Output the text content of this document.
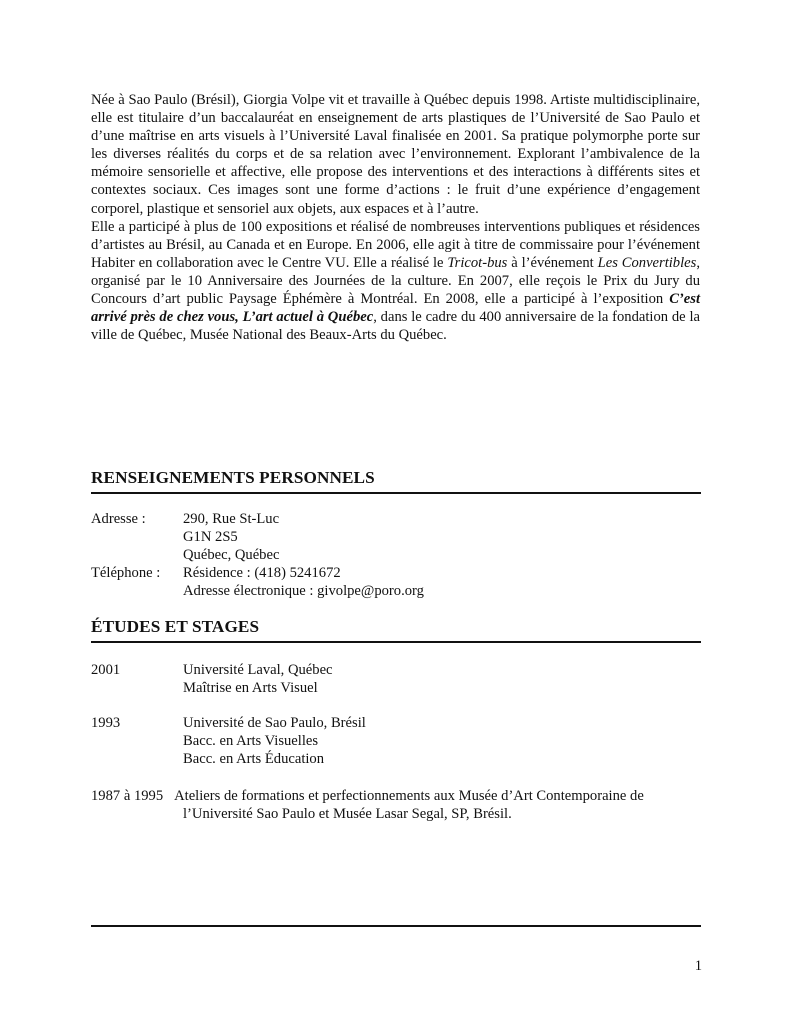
Née à Sao Paulo (Brésil), Giorgia Volpe vit et travaille à Québec depuis 1998. Artiste multidisciplinaire, elle est titulaire d’un baccalauréat en enseignement de arts plastiques de l’Université de Sao Paulo et d’une maîtrise en arts visuels à l’Université Laval finalisée en 2001. Sa pratique polymorphe porte sur les diverses réalités du corps et de sa relation avec l’environnement. Explorant l’ambivalence de la mémoire sensorielle et affective, elle propose des interventions et des interactions à différents sites et contextes sociaux. Ces images sont une forme d’actions : le fruit d’une expérience d’engagement corporel, plastique et sensoriel aux objets, aux espaces et à l’autre.

Elle a participé à plus de 100 expositions et réalisé de nombreuses interventions publiques et résidences d’artistes au Brésil, au Canada et en Europe. En 2006, elle agit à titre de commissaire pour l’événement Habiter en collaboration avec le Centre VU. Elle a réalisé le Tricot-bus à l’événement Les Convertibles, organisé par le 10 Anniversaire des Journées de la culture. En 2007, elle reçois le Prix du Jury du Concours d’art public Paysage Éphémère à Montréal. En 2008, elle a participé à l’exposition C’est arrivé près de chez vous, L’art actuel à Québec, dans le cadre du 400 anniversaire de la fondation de la ville de Québec, Musée National des Beaux-Arts du Québec.

RENSEIGNEMENTS PERSONNELS
Adresse :	290, Rue St-Luc
G1N 2S5
Québec, Québec
Téléphone :	Résidence : (418) 5241672
Adresse électronique : givolpe@poro.org
ÉTUDES ET STAGES
2001	Université Laval, Québec
Maîtrise en Arts Visuel
1993	Université de Sao Paulo, Brésil
Bacc. en Arts Visuelles
Bacc. en Arts Éducation
1987 à 1995 Ateliers de formations et perfectionnements aux Musée d’Art Contemporaine de
l’Université Sao Paulo et Musée Lasar Segal, SP, Brésil.
1
